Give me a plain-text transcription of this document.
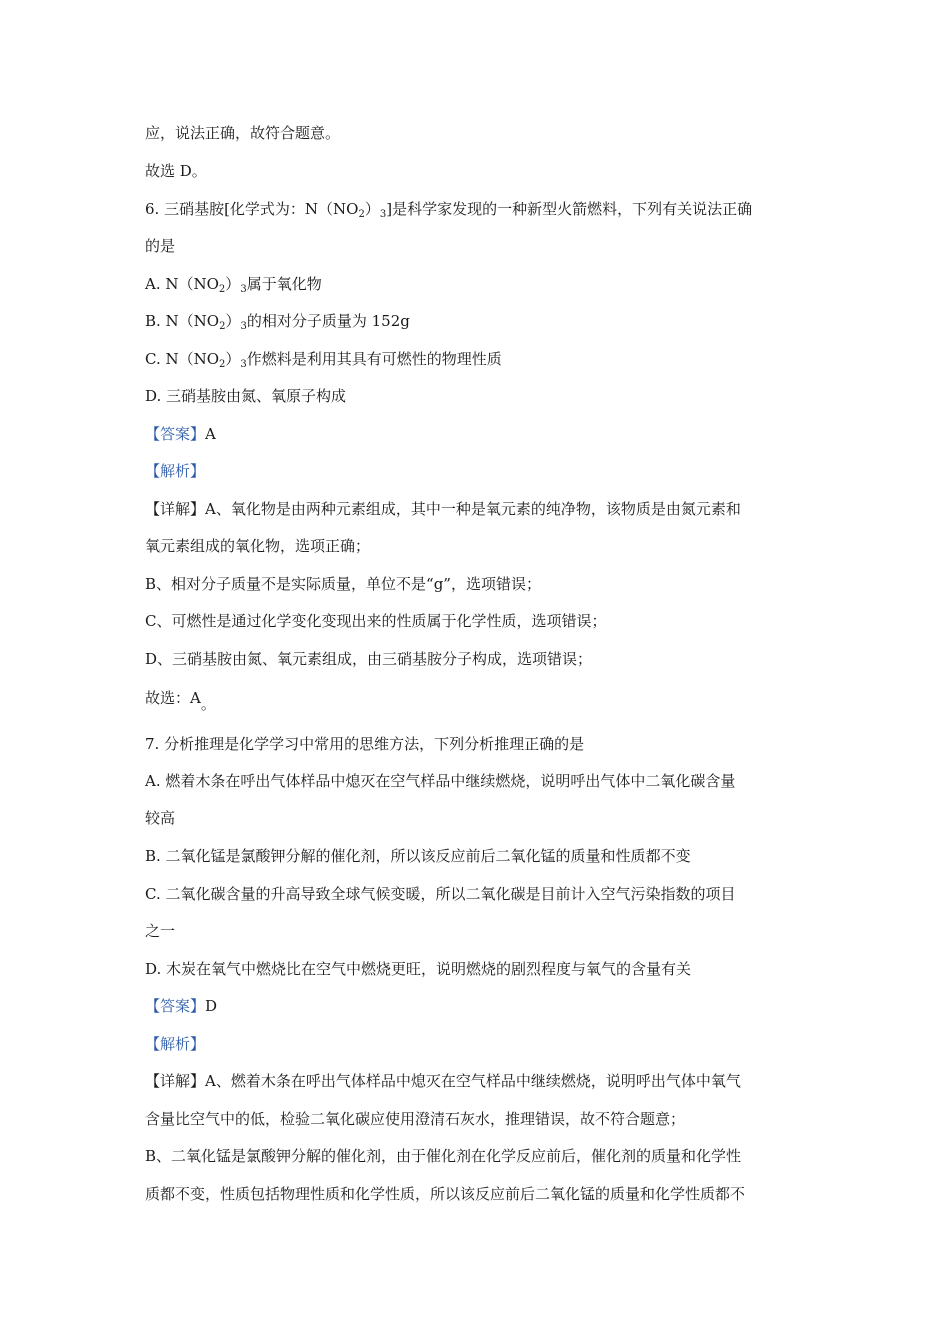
应，说法正确，故符合题意。
故选 D。
6. 三硝基胺[化学式为：$N(NO_2)_3$]是科学家发现的一种新型火箭燃料，下列有关说法正确
的是
A. $N(NO_2)_3$属于氧化物
B. $N(NO_2)_3$的相对分子质量为 152g
C. $N(NO_2)_3$作燃料是利用其具有可燃性的物理性质
D. 三硝基胺由氮、氧原子构成
【答案】A
【解析】
【详解】A、氧化物是由两种元素组成，其中一种是氧元素的纯净物，该物质是由氮元素和
氧元素组成的氧化物，选项正确；
B、相对分子质量不是实际质量，单位不是“g”，选项错误；
C、可燃性是通过化学变化变现出来的性质属于化学性质，选项错误；
D、三硝基胺由氮、氧元素组成，由三硝基胺分子构成，选项错误；
故选：A。
7. 分析推理是化学学习中常用的思维方法，下列分析推理正确的是
A. 燃着木条在呼出气体样品中熄灭在空气样品中继续燃烧，说明呼出气体中二氧化碳含量
较高
B. 二氧化锰是氯酸钾分解的催化剂，所以该反应前后二氧化锰的质量和性质都不变
C. 二氧化碳含量的升高导致全球气候变暖，所以二氧化碳是目前计入空气污染指数的项目
之一
D. 木炭在氧气中燃烧比在空气中燃烧更旺，说明燃烧的剧烈程度与氧气的含量有关
【答案】D
【解析】
【详解】A、燃着木条在呼出气体样品中熄灭在空气样品中继续燃烧，说明呼出气体中氧气
含量比空气中的低，检验二氧化碳应使用澄清石灰水，推理错误，故不符合题意；
B、二氧化锰是氯酸钾分解的催化剂，由于催化剂在化学反应前后，催化剂的质量和化学性
质都不变，性质包括物理性质和化学性质，所以该反应前后二氧化锰的质量和化学性质都不
